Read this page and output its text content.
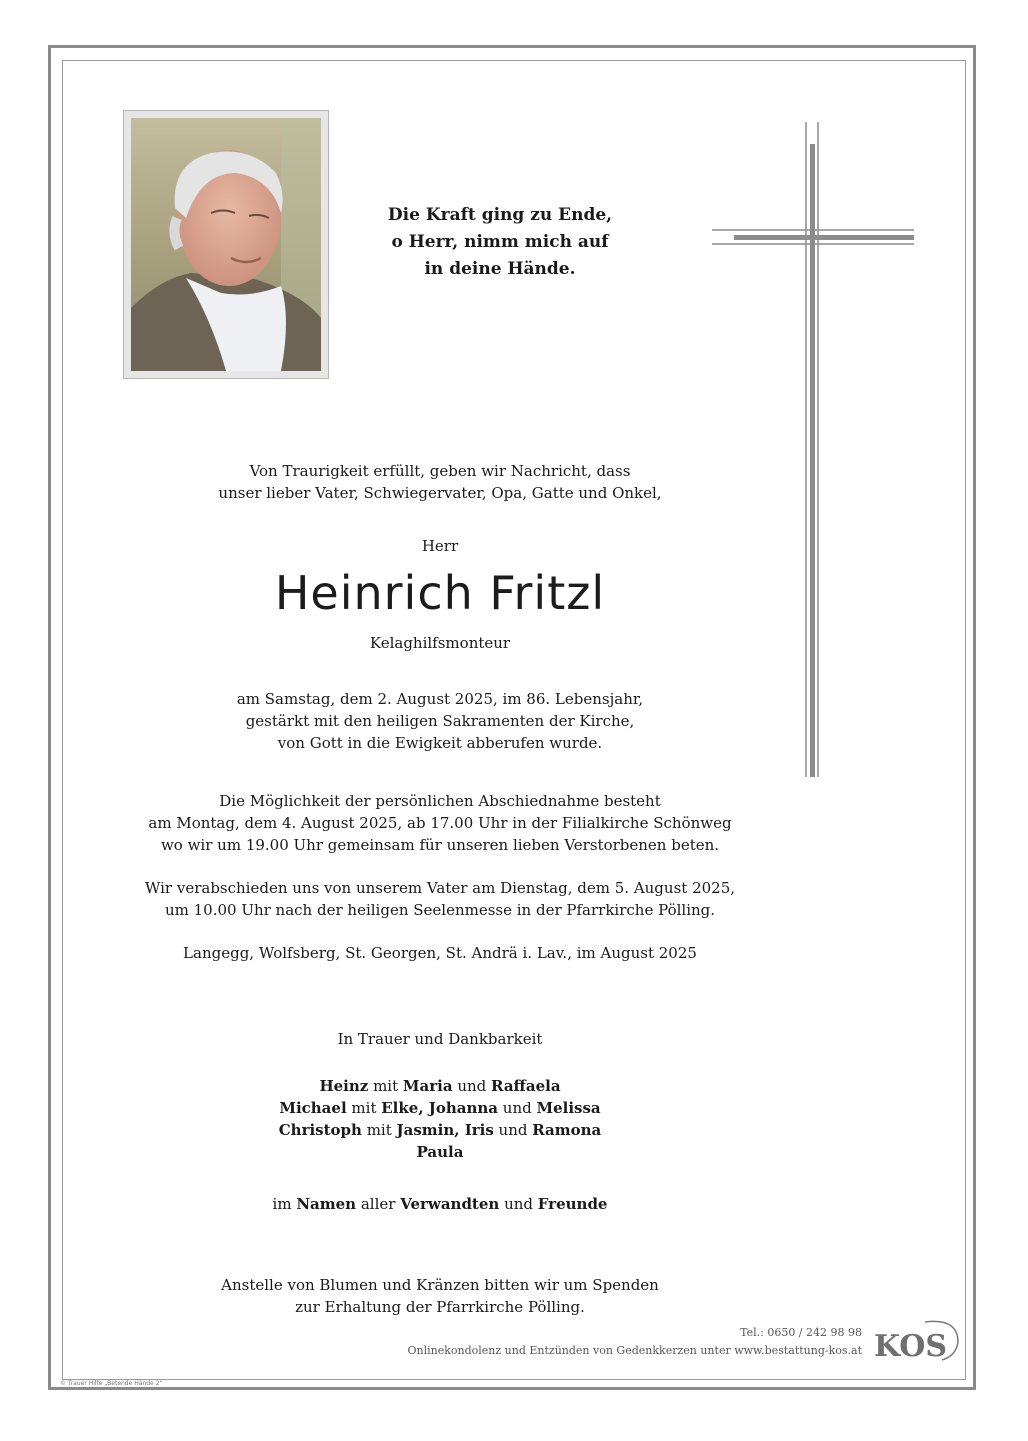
Die Kraft ging zu Ende,
o Herr, nimm mich auf
in deine Hände.
Von Traurigkeit erfüllt, geben wir Nachricht, dass
unser lieber Vater, Schwiegervater, Opa, Gatte und Onkel,
Herr
Heinrich Fritzl
Kelaghilfsmonteur
am Samstag, dem 2. August 2025, im 86. Lebensjahr,
gestärkt mit den heiligen Sakramenten der Kirche,
von Gott in die Ewigkeit abberufen wurde.
Die Möglichkeit der persönlichen Abschiednahme besteht
am Montag, dem 4. August 2025, ab 17.00 Uhr in der Filialkirche Schönweg
wo wir um 19.00 Uhr gemeinsam für unseren lieben Verstorbenen beten.
Wir verabschieden uns von unserem Vater am Dienstag, dem 5. August 2025,
um 10.00 Uhr nach der heiligen Seelenmesse in der Pfarrkirche Pölling.
Langegg, Wolfsberg, St. Georgen, St. Andrä i. Lav., im August 2025
In Trauer und Dankbarkeit
Heinz mit Maria und Raffaela
Michael mit Elke, Johanna und Melissa
Christoph mit Jasmin, Iris und Ramona
Paula
im Namen aller Verwandten und Freunde
Anstelle von Blumen und Kränzen bitten wir um Spenden
zur Erhaltung der Pfarrkirche Pölling.
Tel.: 0650 / 242 98 98
Onlinekondolenz und Entzünden von Gedenkkerzen unter www.bestattung-kos.at KOS
© Trauer Hilfe „Betende Hände 2“
